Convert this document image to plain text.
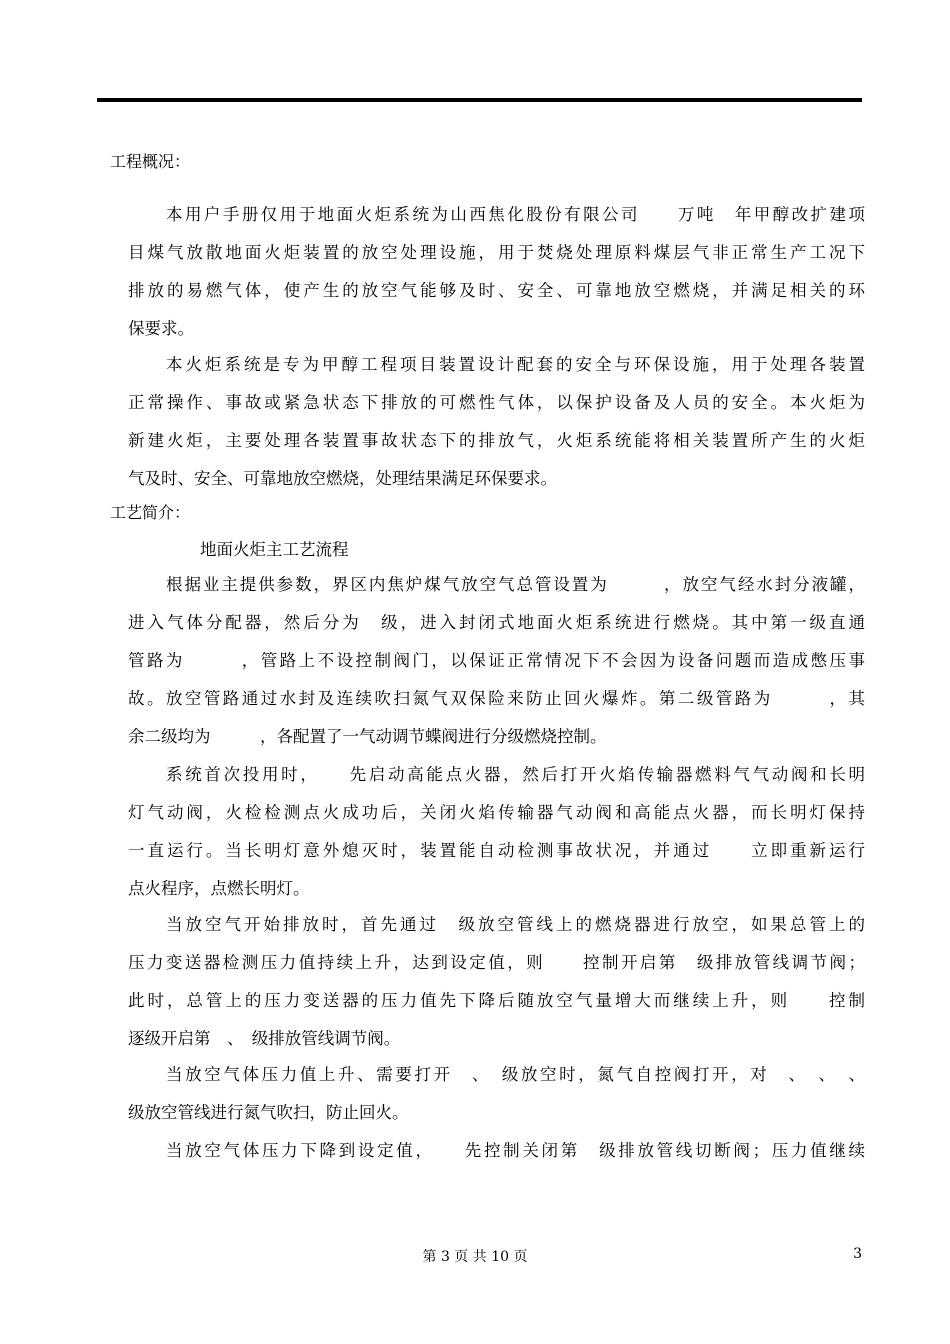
工程概况：
本用户手册仅用于地面火炬系统为山西焦化股份有限公司　　万吨　年甲醇改扩建项
目煤气放散地面火炬装置的放空处理设施，用于焚烧处理原料煤层气非正常生产工况下
排放的易燃气体，使产生的放空气能够及时、安全、可靠地放空燃烧，并满足相关的环
保要求。
本火炬系统是专为甲醇工程项目装置设计配套的安全与环保设施，用于处理各装置
正常操作、事故或紧急状态下排放的可燃性气体，以保护设备及人员的安全。本火炬为
新建火炬，主要处理各装置事故状态下的排放气，火炬系统能将相关装置所产生的火炬
气及时、安全、可靠地放空燃烧，处理结果满足环保要求。
工艺简介：
地面火炬主工艺流程
根据业主提供参数，界区内焦炉煤气放空气总管设置为　　　，放空气经水封分液罐，
进入气体分配器，然后分为　级，进入封闭式地面火炬系统进行燃烧。其中第一级直通
管路为　　　，管路上不设控制阀门，以保证正常情况下不会因为设备问题而造成憋压事
故。放空管路通过水封及连续吹扫氮气双保险来防止回火爆炸。第二级管路为　　　，其
余二级均为　　　，各配置了一气动调节蝶阀进行分级燃烧控制。
系统首次投用时，　　先启动高能点火器，然后打开火焰传输器燃料气气动阀和长明
灯气动阀，火检检测点火成功后，关闭火焰传输器气动阀和高能点火器，而长明灯保持
一直运行。当长明灯意外熄灭时，装置能自动检测事故状况，并通过　　立即重新运行
点火程序，点燃长明灯。
当放空气开始排放时，首先通过　级放空管线上的燃烧器进行放空，如果总管上的
压力变送器检测压力值持续上升，达到设定值，则　　控制开启第　级排放管线调节阀；
此时，总管上的压力变送器的压力值先下降后随放空气量增大而继续上升，则　　控制
逐级开启第　、　级排放管线调节阀。
当放空气体压力值上升、需要打开　、　级放空时，氮气自控阀打开，对　、　、　、
级放空管线进行氮气吹扫，防止回火。
当放空气体压力下降到设定值，　　先控制关闭第　级排放管线切断阀；压力值继续
第 3 页 共 10 页	3
